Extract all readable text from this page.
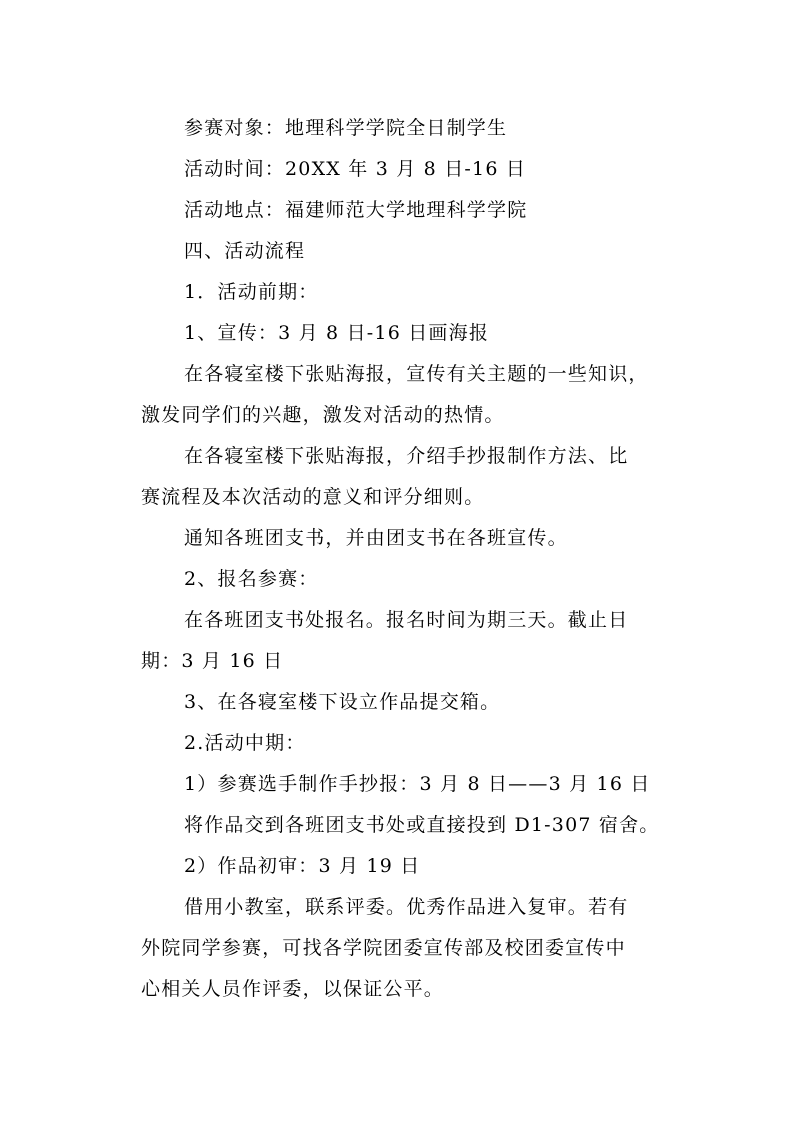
参赛对象：地理科学学院全日制学生
活动时间：20XX 年 3 月 8 日-16 日
活动地点：福建师范大学地理科学学院
四、活动流程
1．活动前期：
1、宣传：3 月 8 日-16 日画海报
在各寝室楼下张贴海报，宣传有关主题的一些知识，
激发同学们的兴趣，激发对活动的热情。
在各寝室楼下张贴海报，介绍手抄报制作方法、比
赛流程及本次活动的意义和评分细则。
通知各班团支书，并由团支书在各班宣传。
2、报名参赛：
在各班团支书处报名。报名时间为期三天。截止日
期：3 月 16 日
3、在各寝室楼下设立作品提交箱。
2.活动中期：
1）参赛选手制作手抄报：3 月 8 日——3 月 16 日
将作品交到各班团支书处或直接投到 D1-307 宿舍。
2）作品初审：3 月 19 日
借用小教室，联系评委。优秀作品进入复审。若有
外院同学参赛，可找各学院团委宣传部及校团委宣传中
心相关人员作评委，以保证公平。
